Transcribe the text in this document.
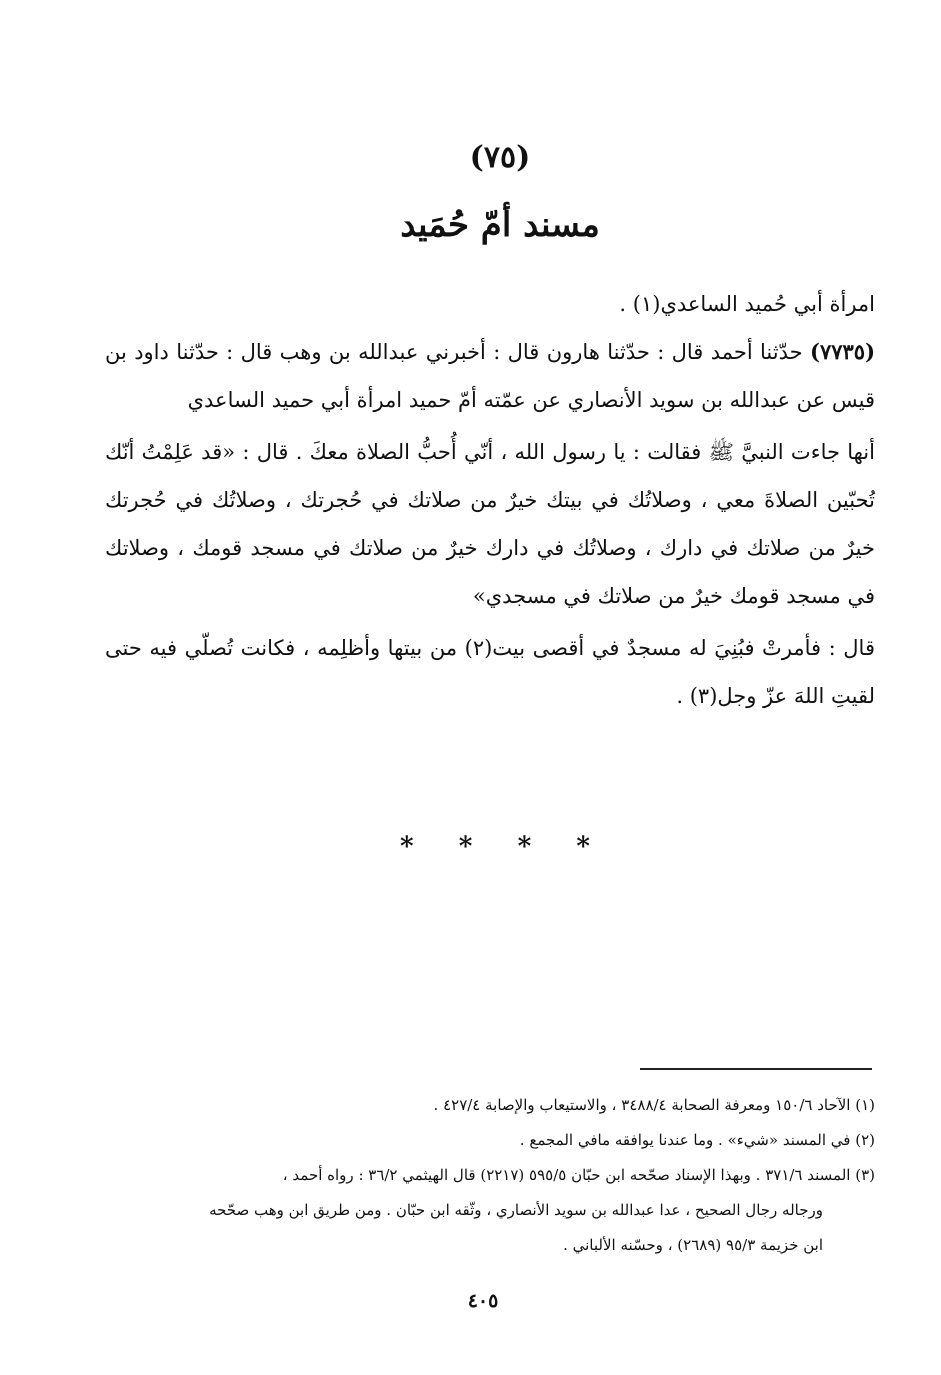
(٧٥)
مسند أمّ حُمَيد

امرأة أبي حُميد الساعدي(١) .

(٧٧٣٥) حدّثنا أحمد قال : حدّثنا هارون قال : أخبرني عبدالله بن وهب قال : حدّثنا داود بن قيس عن عبدالله بن سويد الأنصاري عن عمّته أمّ حميد امرأة أبي حميد الساعدي

أنها جاءت النبيَّ ﷺ فقالت : يا رسول الله ، أنّي أُحبُّ الصلاة معكَ . قال : «قد عَلِمْتُ أنّك تُحبّين الصلاةَ معي ، وصلاتُك في بيتك خيرٌ من صلاتك في حُجرتك ، وصلاتُك في حُجرتك خيرٌ من صلاتك في دارك ، وصلاتُك في دارك خيرٌ من صلاتك في مسجد قومك ، وصلاتك في مسجد قومك خيرٌ من صلاتك في مسجدي»

قال : فأمرتْ فبُنِيَ له مسجدٌ في أقصى بيت(٢) من بيتها وأظلِمه ، فكانت تُصلّي فيه حتى لقيتِ اللهَ عزّ وجل(٣) .

*
*
*
*

(١) الآحاد ١٥٠/٦ ومعرفة الصحابة ٣٤٨٨/٤ ، والاستيعاب والإصابة ٤٢٧/٤ .

(٢) في المسند «شيء» . وما عندنا يوافقه مافي المجمع .

(٣) المسند ٣٧١/٦ . وبهذا الإسناد صحّحه ابن حبّان ٥٩٥/٥ (٢٢١٧) قال الهيثمي ٣٦/٢ : رواه أحمد ،

ورجاله رجال الصحيح ، عدا عبدالله بن سويد الأنصاري ، وثّقه ابن حبّان . ومن طريق ابن وهب صحّحه

ابن خزيمة ٩٥/٣ (٢٦٨٩) ، وحسّنه الألباني .

٤٠٥
